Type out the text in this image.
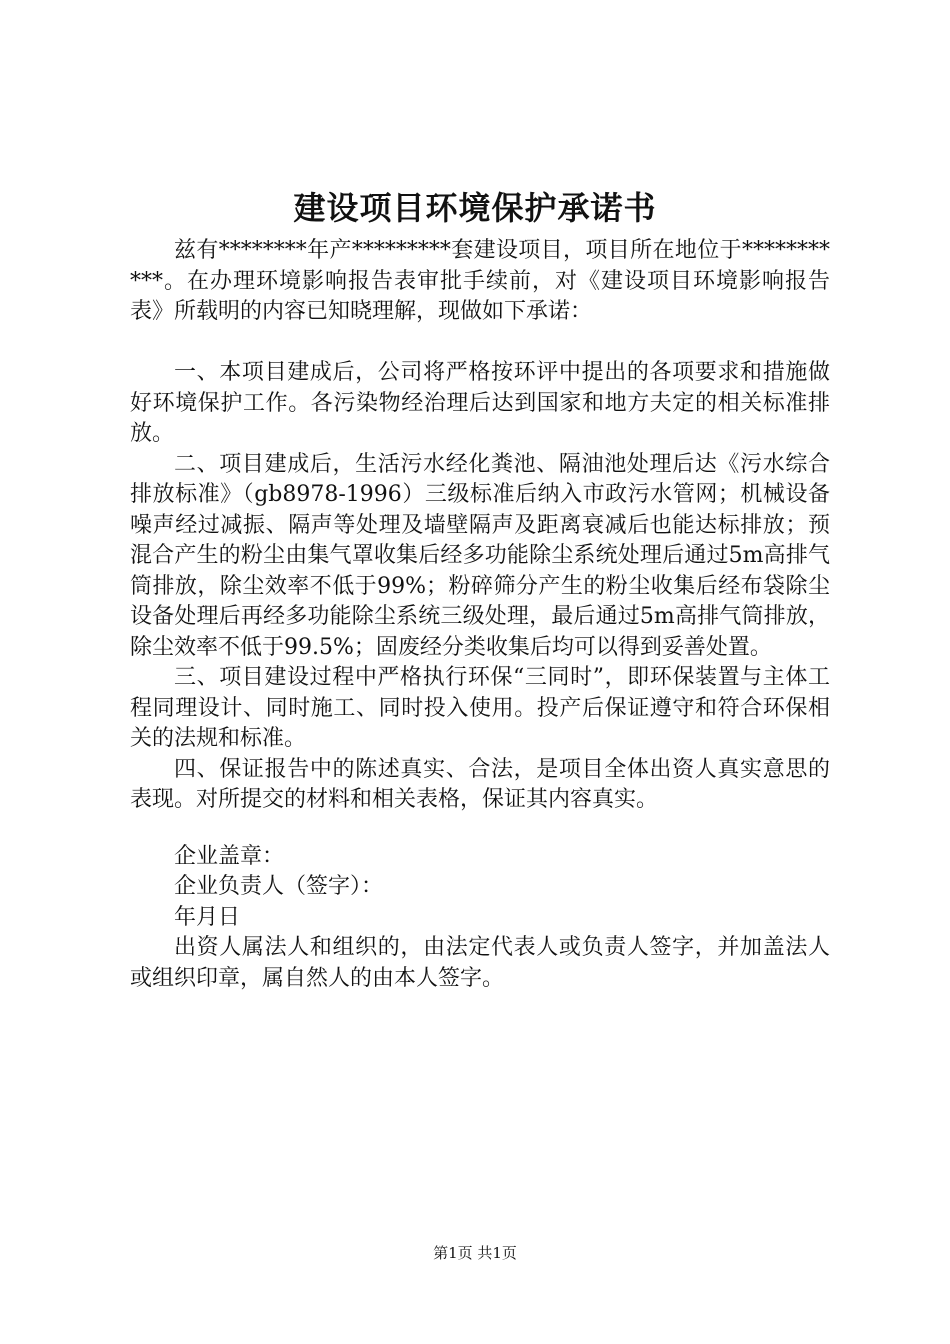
建设项目环境保护承诺书

兹有********年产*********套建设项目，项目所在地位于***********。在办理环境影响报告表审批手续前，对《建设项目环境影响报告表》所载明的内容已知晓理解，现做如下承诺：

一、本项目建成后，公司将严格按环评中提出的各项要求和措施做好环境保护工作。各污染物经治理后达到国家和地方夫定的相关标准排放。

二、项目建成后，生活污水经化粪池、隔油池处理后达《污水综合排放标准》（gb8978-1996）三级标准后纳入市政污水管网；机械设备噪声经过减振、隔声等处理及墙壁隔声及距离衰减后也能达标排放；预混合产生的粉尘由集气罩收集后经多功能除尘系统处理后通过5m高排气筒排放，除尘效率不低于99%；粉碎筛分产生的粉尘收集后经布袋除尘设备处理后再经多功能除尘系统三级处理，最后通过5m高排气筒排放，除尘效率不低于99.5%；固废经分类收集后均可以得到妥善处置。

三、项目建设过程中严格执行环保“三同时”，即环保装置与主体工程同理设计、同时施工、同时投入使用。投产后保证遵守和符合环保相关的法规和标准。

四、保证报告中的陈述真实、合法，是项目全体出资人真实意思的表现。对所提交的材料和相关表格，保证其内容真实。

企业盖章：

企业负责人（签字）：

年月日

出资人属法人和组织的，由法定代表人或负责人签字，并加盖法人或组织印章，属自然人的由本人签字。

第1页 共1页
